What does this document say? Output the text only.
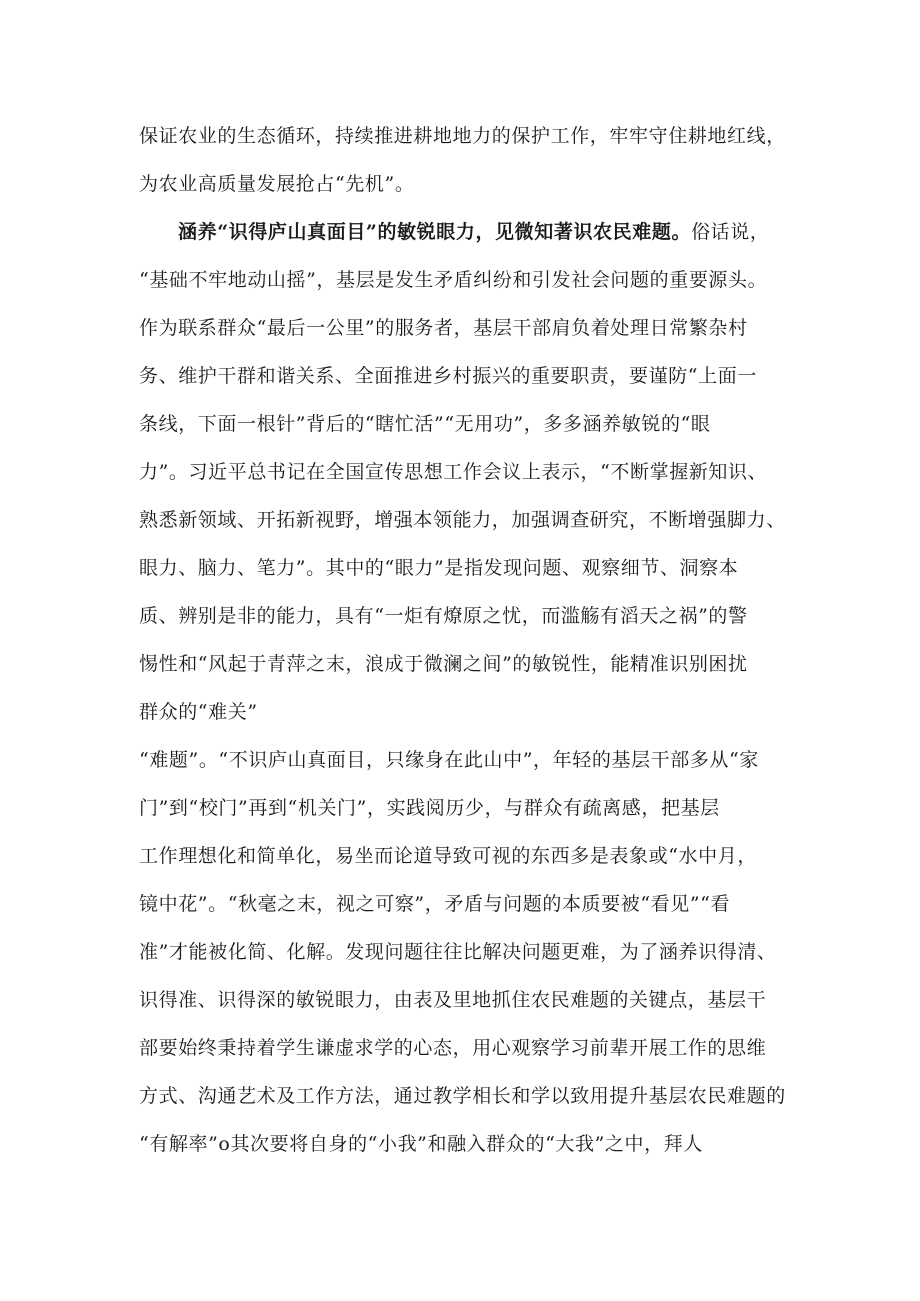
保证农业的生态循环，持续推进耕地地力的保护工作，牢牢守住耕地红线，
为农业高质量发展抢占“先机”。
涵养“识得庐山真面目”的敏锐眼力，见微知著识农民难题。俗话说，
“基础不牢地动山摇”，基层是发生矛盾纠纷和引发社会问题的重要源头。
作为联系群众“最后一公里”的服务者，基层干部肩负着处理日常繁杂村
务、维护干群和谐关系、全面推进乡村振兴的重要职责，要谨防“上面一
条线，下面一根针”背后的“瞎忙活”“无用功”，多多涵养敏锐的“眼
力”。习近平总书记在全国宣传思想工作会议上表示，“不断掌握新知识、
熟悉新领域、开拓新视野，增强本领能力，加强调查研究，不断增强脚力、
眼力、脑力、笔力”。其中的“眼力”是指发现问题、观察细节、洞察本
质、辨别是非的能力，具有“一炬有燎原之忧，而滥觞有滔天之祸”的警
惕性和“风起于青萍之末，浪成于微澜之间”的敏锐性，能精准识别困扰
群众的“难关”
“难题”。“不识庐山真面目，只缘身在此山中”，年轻的基层干部多从“家
门”到“校门”再到“机关门”，实践阅历少，与群众有疏离感，把基层
工作理想化和简单化，易坐而论道导致可视的东西多是表象或“水中月，
镜中花”。“秋毫之末，视之可察”，矛盾与问题的本质要被“看见”“看
准”才能被化简、化解。发现问题往往比解决问题更难，为了涵养识得清、
识得准、识得深的敏锐眼力，由表及里地抓住农民难题的关键点，基层干
部要始终秉持着学生谦虚求学的心态，用心观察学习前辈开展工作的思维
方式、沟通艺术及工作方法，通过教学相长和学以致用提升基层农民难题的
“有解率”o其次要将自身的“小我”和融入群众的“大我”之中，拜人
